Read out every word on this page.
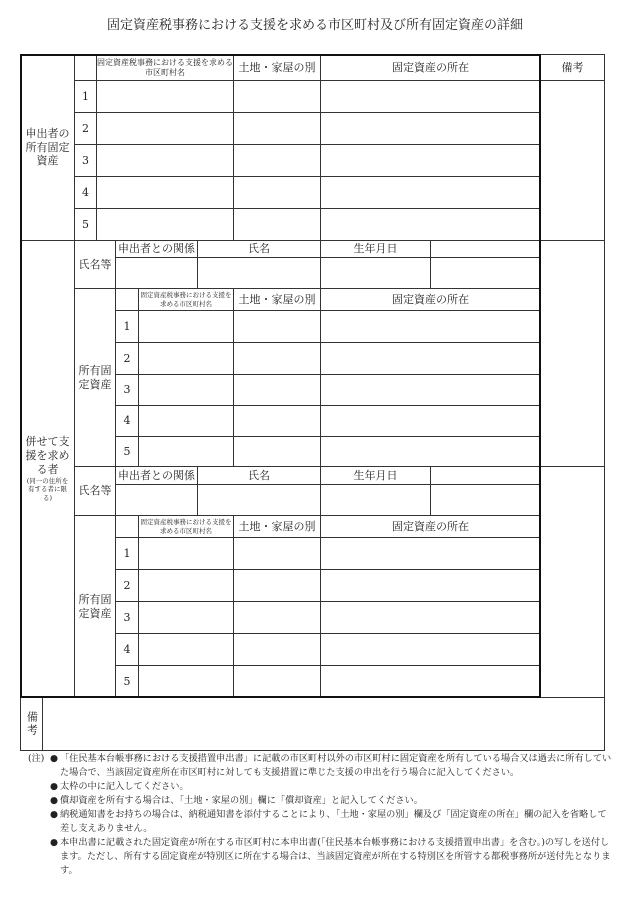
固定資産税事務における支援を求める市区町村及び所有固定資産の詳細
申出者の所有固定資産
固定資産税事務における支援を求める市区町村名	土地・家屋の別	固定資産の所在	備考
1
2
3
4
5
併せて支援を求める者
(同一の住所を有する者に限る)
氏名等
申出者との関係	氏名	生年月日
所有固定資産
固定資産税事務における支援を求める市区町村名	土地・家屋の別	固定資産の所在
1
2
3
4
5
氏名等
申出者との関係	氏名	生年月日
所有固定資産
固定資産税事務における支援を求める市区町村名	土地・家屋の別	固定資産の所在
1
2
3
4
5
備考
(注) ● 「住民基本台帳事務における支援措置申出書」に記載の市区町村以外の市区町村に固定資産を所有している場合又は過去に所有していた場合で、当該固定資産所在市区町村に対しても支援措置に準じた支援の申出を行う場合に記入してください。
● 太枠の中に記入してください。
● 償却資産を所有する場合は、「土地・家屋の別」欄に「償却資産」と記入してください。
● 納税通知書をお持ちの場合は、納税通知書を添付することにより、「土地・家屋の別」欄及び「固定資産の所在」欄の記入を省略して差し支えありません。
● 本申出書に記載された固定資産が所在する市区町村に本申出書(「住民基本台帳事務における支援措置申出書」を含む。)の写しを送付します。ただし、所有する固定資産が特別区に所在する場合は、当該固定資産が所在する特別区を所管する都税事務所が送付先となります。
